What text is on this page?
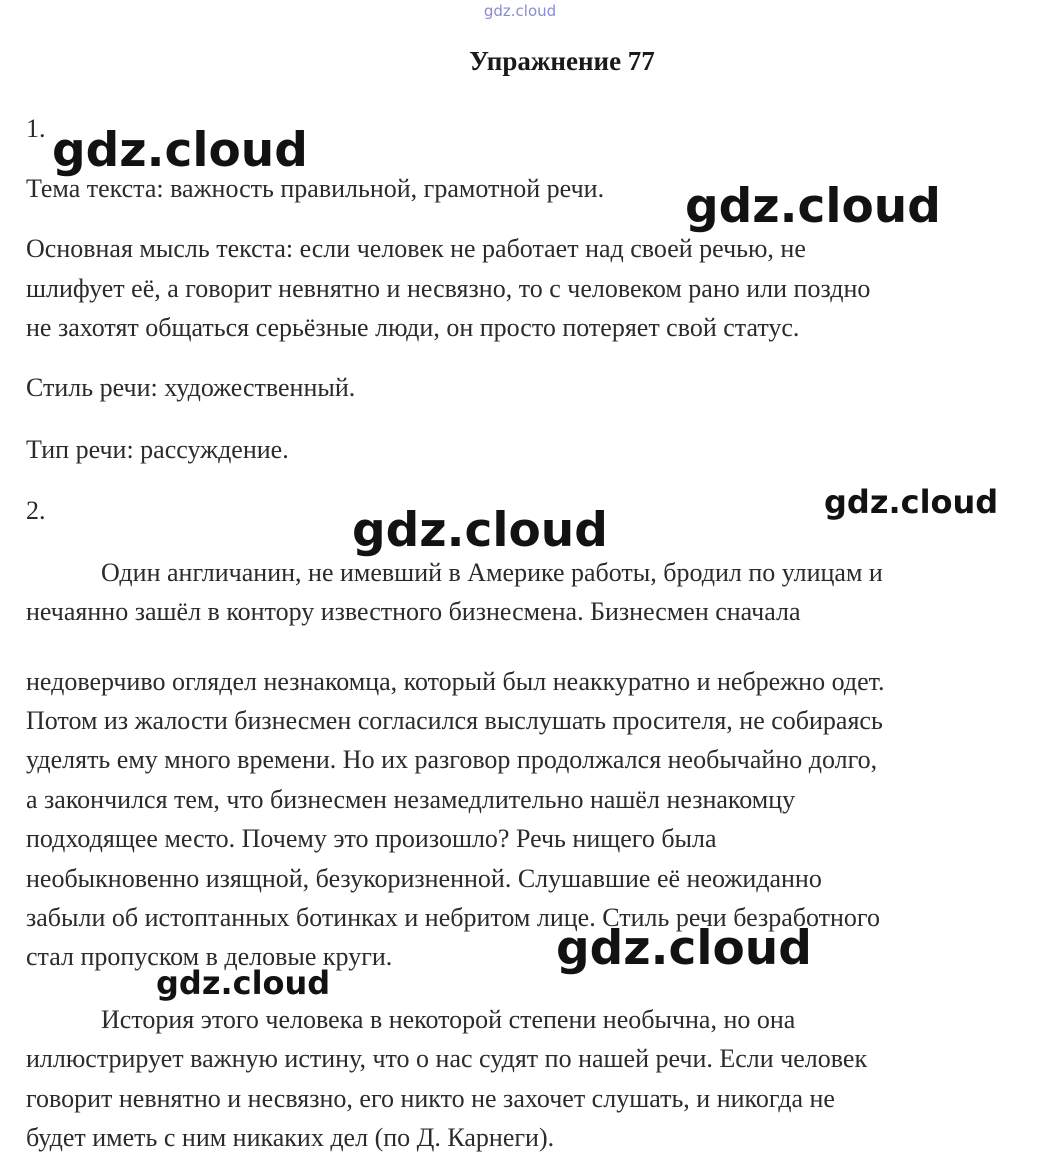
gdz.cloud
Упражнение 77
1.
Тема текста: важность правильной, грамотной речи.
Основная мысль текста: если человек не работает над своей речью, не
шлифует её, а говорит невнятно и несвязно, то с человеком рано или поздно
не захотят общаться серьёзные люди, он просто потеряет свой статус.
Стиль речи: художественный.
Тип речи: рассуждение.
2.
Один англичанин, не имевший в Америке работы, бродил по улицам и
нечаянно зашёл в контору известного бизнесмена. Бизнесмен сначала
недоверчиво оглядел незнакомца, который был неаккуратно и небрежно одет.
Потом из жалости бизнесмен согласился выслушать просителя, не собираясь
уделять ему много времени. Но их разговор продолжался необычайно долго,
а закончился тем, что бизнесмен незамедлительно нашёл незнакомцу
подходящее место. Почему это произошло? Речь нищего была
необыкновенно изящной, безукоризненной. Слушавшие её неожиданно
забыли об истоптанных ботинках и небритом лице. Стиль речи безработного
стал пропуском в деловые круги.
История этого человека в некоторой степени необычна, но она
иллюстрирует важную истину, что о нас судят по нашей речи. Если человек
говорит невнятно и несвязно, его никто не захочет слушать, и никогда не
будет иметь с ним никаких дел (по Д. Карнеги).
gdz.cloud
gdz.cloud
gdz.cloud
gdz.cloud
gdz.cloud
gdz.cloud
